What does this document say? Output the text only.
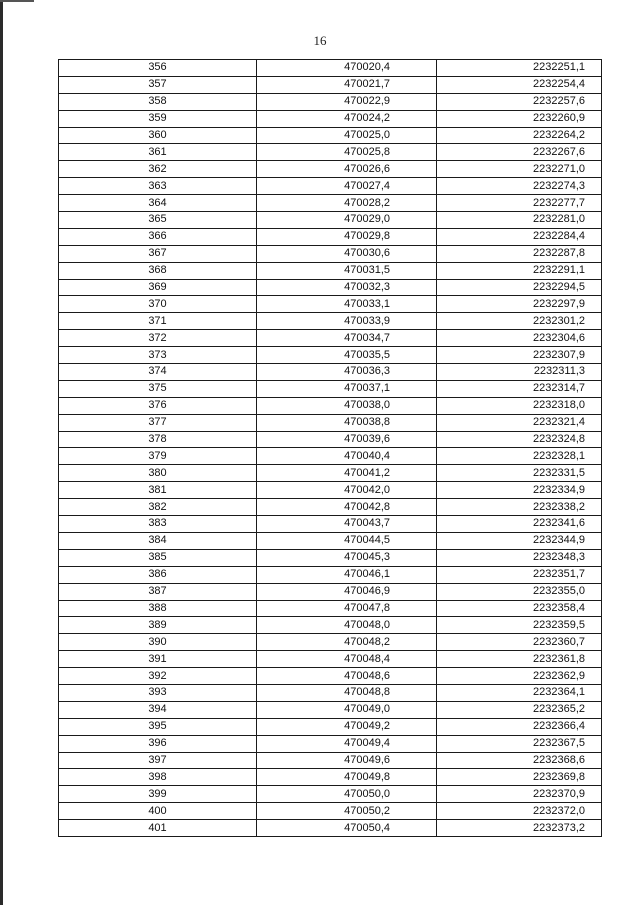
16
356	470020,4	2232251,1
357	470021,7	2232254,4
358	470022,9	2232257,6
359	470024,2	2232260,9
360	470025,0	2232264,2
361	470025,8	2232267,6
362	470026,6	2232271,0
363	470027,4	2232274,3
364	470028,2	2232277,7
365	470029,0	2232281,0
366	470029,8	2232284,4
367	470030,6	2232287,8
368	470031,5	2232291,1
369	470032,3	2232294,5
370	470033,1	2232297,9
371	470033,9	2232301,2
372	470034,7	2232304,6
373	470035,5	2232307,9
374	470036,3	2232311,3
375	470037,1	2232314,7
376	470038,0	2232318,0
377	470038,8	2232321,4
378	470039,6	2232324,8
379	470040,4	2232328,1
380	470041,2	2232331,5
381	470042,0	2232334,9
382	470042,8	2232338,2
383	470043,7	2232341,6
384	470044,5	2232344,9
385	470045,3	2232348,3
386	470046,1	2232351,7
387	470046,9	2232355,0
388	470047,8	2232358,4
389	470048,0	2232359,5
390	470048,2	2232360,7
391	470048,4	2232361,8
392	470048,6	2232362,9
393	470048,8	2232364,1
394	470049,0	2232365,2
395	470049,2	2232366,4
396	470049,4	2232367,5
397	470049,6	2232368,6
398	470049,8	2232369,8
399	470050,0	2232370,9
400	470050,2	2232372,0
401	470050,4	2232373,2
